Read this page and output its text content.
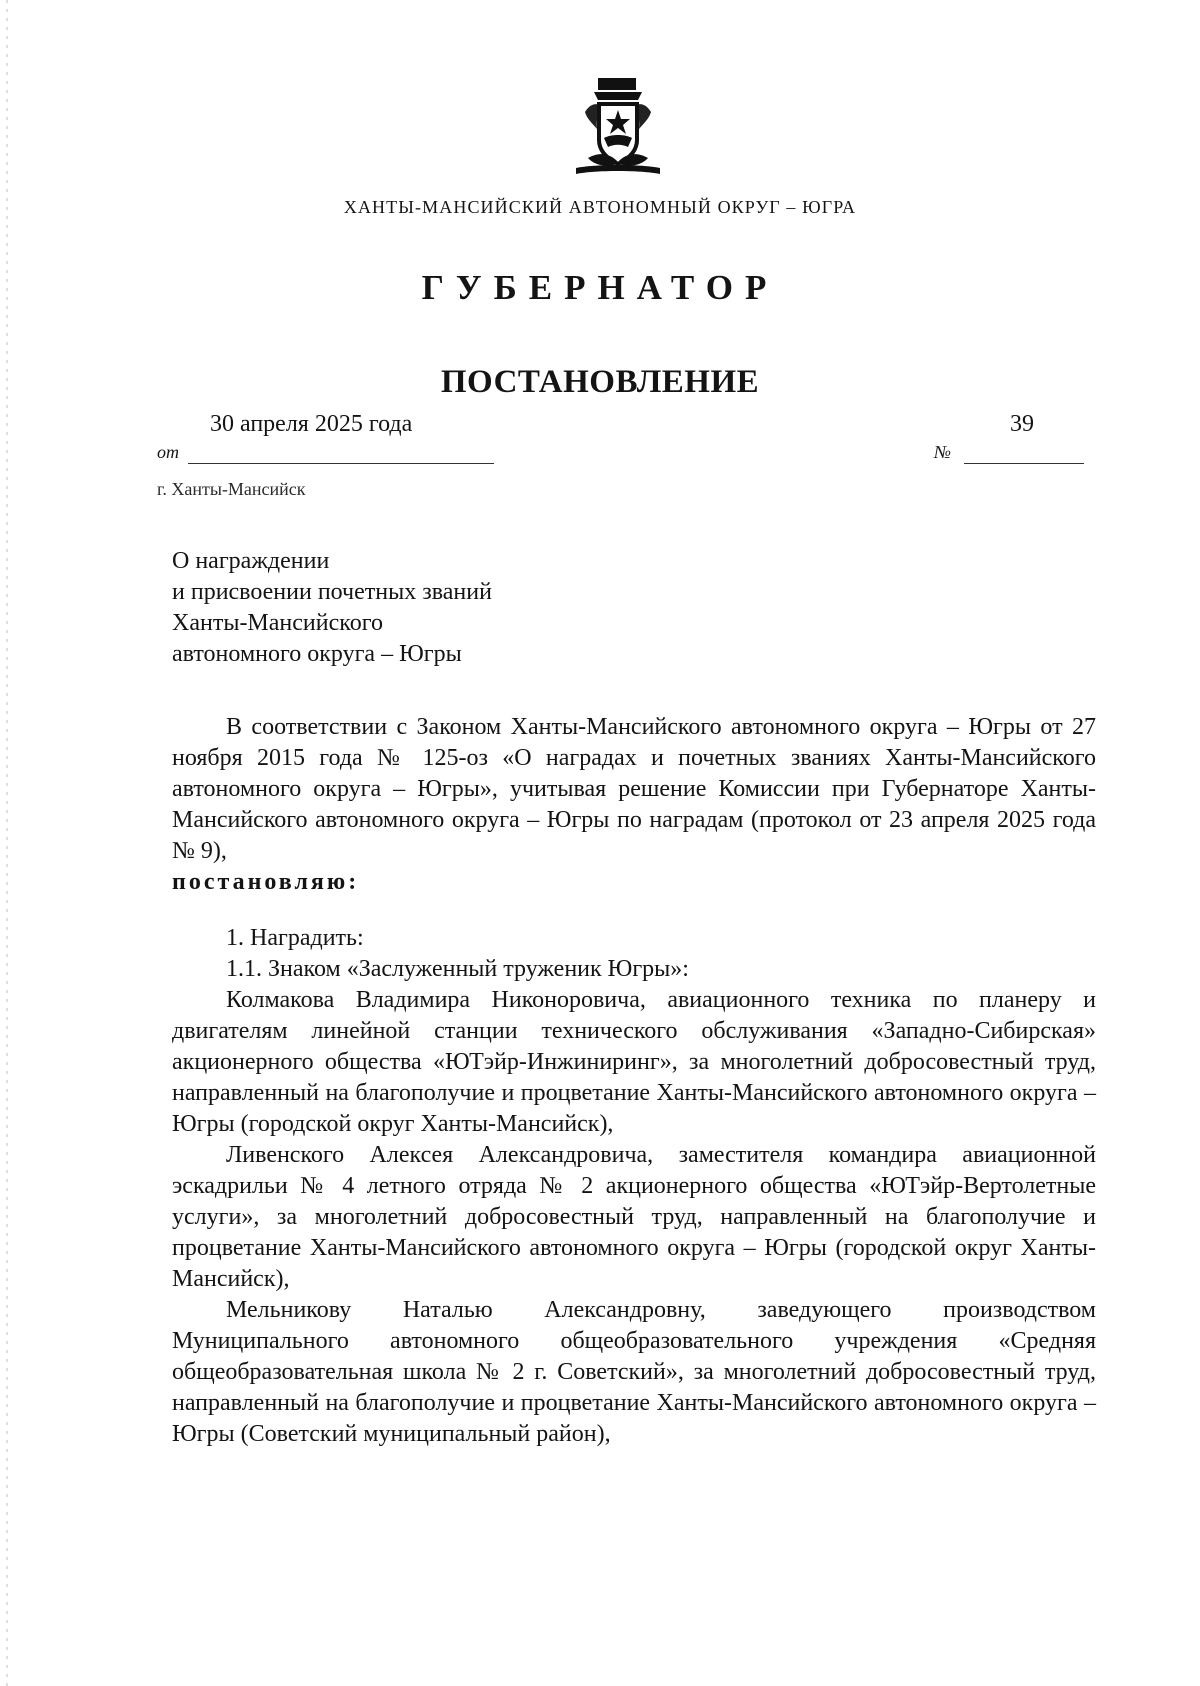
ХАНТЫ-МАНСИЙСКИЙ АВТОНОМНЫЙ ОКРУГ – ЮГРА
ГУБЕРНАТОР
ПОСТАНОВЛЕНИЕ
30 апреля 2025 года	39
от	№
г. Ханты-Мансийск
О награждении
и присвоении почетных званий
Ханты-Мансийского
автономного округа – Югры

В соответствии с Законом Ханты-Мансийского автономного округа – Югры от 27 ноября 2015 года № 125-оз «О наградах и почетных званиях Ханты-Мансийского автономного округа – Югры», учитывая решение Комиссии при Губернаторе Ханты-Мансийского автономного округа – Югры по наградам (протокол от 23 апреля 2025 года № 9),

постановляю:

1. Наградить:

1.1. Знаком «Заслуженный труженик Югры»:

Колмакова Владимира Никоноровича, авиационного техника по планеру и двигателям линейной станции технического обслуживания «Западно-Сибирская» акционерного общества «ЮТэйр-Инжиниринг», за многолетний добросовестный труд, направленный на благополучие и процветание Ханты-Мансийского автономного округа – Югры (городской округ Ханты-Мансийск),

Ливенского Алексея Александровича, заместителя командира авиационной эскадрильи № 4 летного отряда № 2 акционерного общества «ЮТэйр-Вертолетные услуги», за многолетний добросовестный труд, направленный на благополучие и процветание Ханты-Мансийского автономного округа – Югры (городской округ Ханты-Мансийск),

Мельникову Наталью Александровну, заведующего производством Муниципального автономного общеобразовательного учреждения «Средняя общеобразовательная школа № 2 г. Советский», за многолетний добросовестный труд, направленный на благополучие и процветание Ханты-Мансийского автономного округа – Югры (Советский муниципальный район),
